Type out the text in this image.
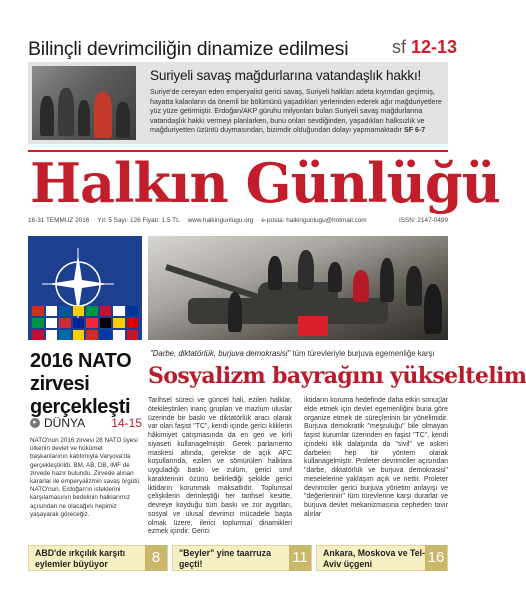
Bilinçli devrimciliğin dinamize edilmesi sf 12-13
Suriyeli savaş mağdurlarına vatandaşlık hakkı!
Suriye'de cereyan eden emperyalist gerici savaş, Suriyeli halkları adeta kıyımdan geçirmiş, hayatta kalanların da önemli bir bölümünü yaşadıkları yerlerinden ederek ağır mağduriyetlere yüz yüze getirmiştir. Erdoğan/AKP güruhu milyonları bulan Suriyeli savaş mağdurlarına vatandaşlık hakkı vermeyi planlarken, bunu onları sevdiğinden, yaşadıkları halksızlık ve mağduriyetten üzüntü duymasından, bizimdir olduğundan dolayı yapmamaktadır SF 6-7
Halkın Günlüğü
16-31 TEMMUZ 2016 Yıl: 5 Sayı: 126 Fiyatı: 1.5 TL www.halkingunlugu.org e-posta: halkingunlugu@hotmail.com	ISSN: 2147-0499
2016 NATO zirvesi gerçekleşti
▸ DÜNYA 14-15
NATO'nun 2016 zirvesi 28 NATO üyesi ülkenin devlet ve hükümet başkanlarının katılımıyla Varşova'da gerçekleştirildi. BM, AB, DB, IMF de zirvede hazır bulundu. Zirvede alınan kararlar ile emperyalizmin savaş örgütü NATO'nun, Erdoğan'ın isteklerini karşılamasının bedelinin halklarımız açısından ne olacağını hepimiz yaşayarak göreceğiz.
"Darbe, diktatörlük, burjuva demokrasisi" tüm türevleriyle burjuva egemenliğe karşı
Sosyalizm bayrağını yükseltelim
Tarihsel süreci ve güncel hali, ezilen halklar, ötekileştirilen inanç grupları ve mazlum uluslar üzerinde bir baskı ve diktatörlük aracı olarak var olan faşist "TC", kendi içinde gerici kliklerin hâkimiyet çatışmasında da en geri ve kirli siyaseti kullanagelmiştir. Gerek parlamento maskesi altında, gerekse de açık AFC koşullarında, ezilen ve sömürülen halklara uyguladığı baskı ve zulüm, gerici sınıf karakterinin özünü belirlediği şekilde gerici iktidarın korunmak maksatlıdır. Toplumsal çelişkilerin derinleştiği her tarihsel kesitte, devreye koyduğu tüm baskı ve zor aygıtları, sosyal ve ulusal devrimci mücadele başta olmak üzere, ilerici toplumsal dinamikleri ezmek içindir. Gerici
iktidarın koruma hedefinde daha etkin sonuçlar elde etmek için devlet egemenliğini buna göre organize etmek de süreçlerinin bir yönelimidir. Burjuva demokratik "meşruluğu" bile olmayan faşist kurumlar üzerinden en faşist "TC", kendi içindeki klik dalaşında da "sivil" ve askeri darbeleri hep bir yöntem olarak kullanagelmiştir. Proleter devrimciler açısından "darbe, diktatörlük ve burjuva demokrasisi" meselelerine yaklaşım açık ve nettir. Proleter devrimciler gerici burjuva yönetim anlayışı ve "değerlerinin" tüm türevlerine karşı durarlar ve burjuva devlet mekanizmasına cepheden tavır alırlar
ABD'de ırkçılık karşıtı eylemler büyüyor	8	"Beyler" yine taarruza geçti!	11	Ankara, Moskova ve Tel- Aviv üçgeni	16
